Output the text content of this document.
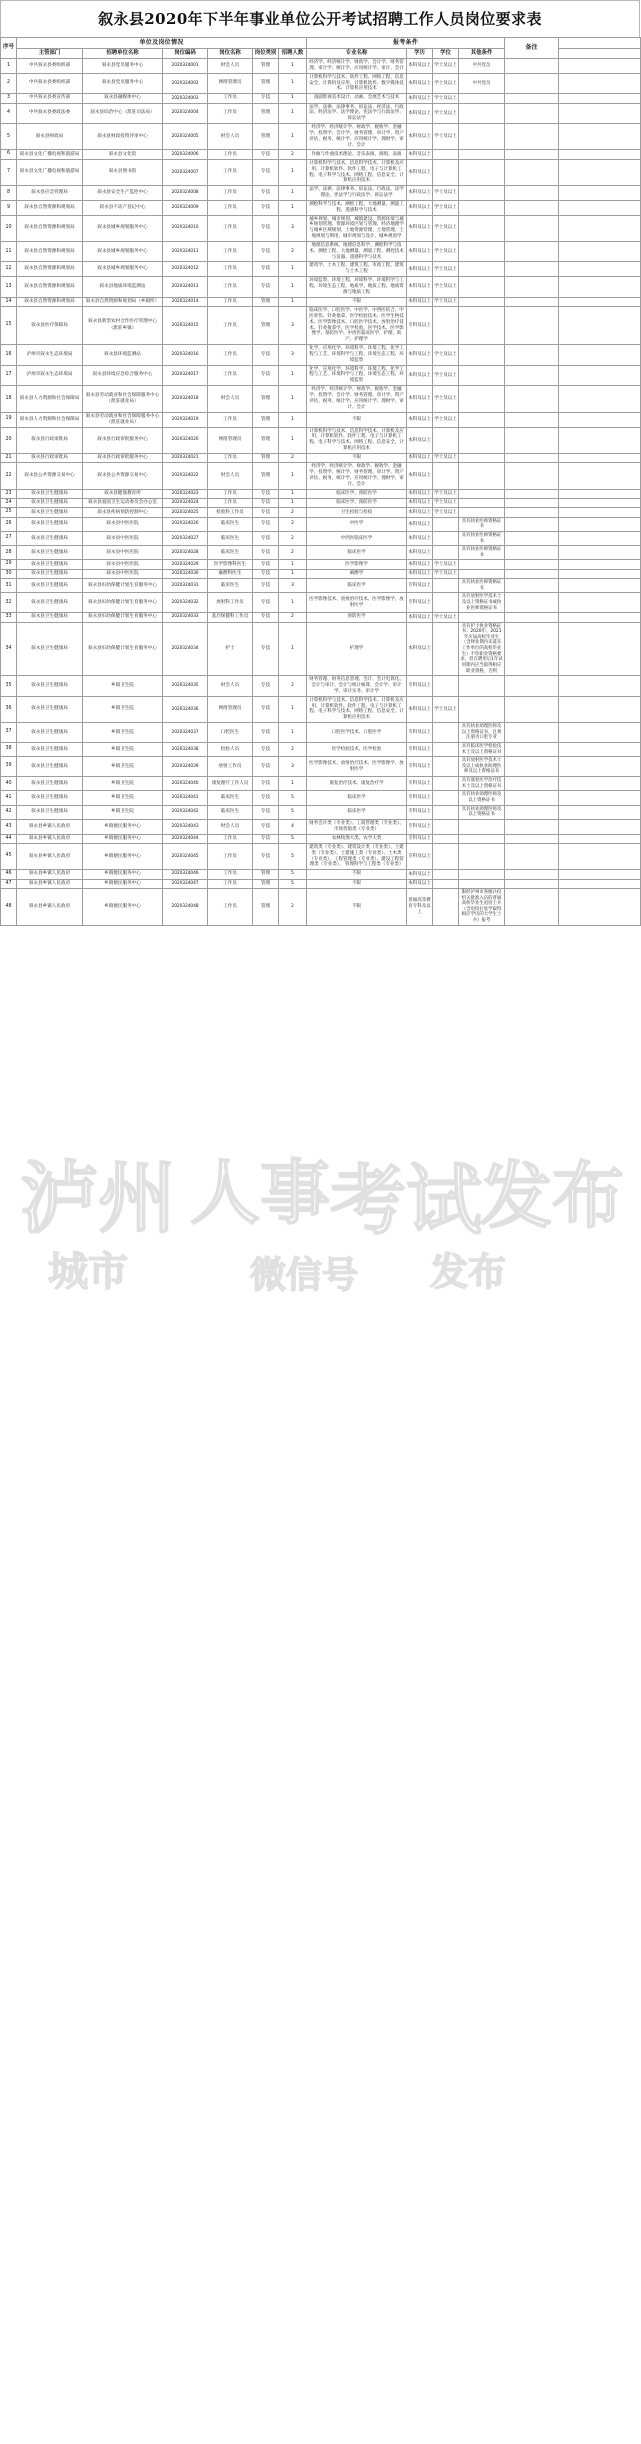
泸州 人事 考试
发布
城市	微信号 发布
叙永县2020年下半年事业单位公开考试招聘工作人员岗位要求表
序号	单位及岗位情况						报考条件				备注	
	主管部门	招聘单位名称	岗位编码	岗位名称	岗位类别	招聘人数	专业名称	学历	学位	其他条件		
1	中共叙永县委组织部	叙永县党员服务中心	2020324001	财会人员	管理	1	经济学、经济统计学、财政学、会计学、财务管理、审计学、统计学、应用统计学、审计、会计	本科及以上	学士及以上	中共党员		
2	中共叙永县委组织部	叙永县党员服务中心	2020324002	网络管理员	管理	1	计算机科学与技术、软件工程、网络工程、信息安全、计算机及应用、计算机软件、数字媒体技术、计算机应用技术	本科及以上	学士及以上	中共党员		
3	中共叙永县委宣传部	叙永县融媒体中心	2020324003	工作员	专技	1	戏剧影视美术设计、动画、会展艺术与技术	本科及以上	学士及以上			
4	中共叙永县委政法委	叙永县综治中心（派驻司法局）	2020324004	工作员	管理	1	法学、法律、法律事务、诉讼法、经济法、行政法、经济法学、法学理论、宪法学与行政法学、诉讼法学	本科及以上	学士及以上			
5	叙永县财政局	叙永县财政投资评审中心	2020324005	财会人员	管理	1	经济学、经济统计学、财政学、税收学、金融学、投资学、会计学、财务管理、审计学、资产评估、税务、统计学、应用统计学、理财学、审计、会计	本科及以上	学士及以上			
6	叙永县文化广播电视和旅游局	叙永县文化馆	2020324006	工作员	专技	2	作曲与作曲技术理论、音乐表演、演唱、表演	本科及以上				
7	叙永县文化广播电视和旅游局	叙永县图书馆	2020324007	工作员	专技	1	计算机科学与技术、信息科学技术、计算机及应用、计算机软件、软件工程、电子与计算机工程、电子科学与技术、网络工程、信息安全、计算机应用技术	本科及以上				
8	叙永县应急管理局	叙永县安全生产监控中心	2020324008	工作员	专技	1	法学、法律、法律事务、诉讼法、行政法、法学理论、宪法学与行政法学、诉讼法学	本科及以上	学士及以上			
9	叙永县自然资源和规划局	叙永县不动产登记中心	2020324009	工作员	专技	1	测绘科学与技术、测绘工程、大地测量、测量工程、遥感科学与技术	本科及以上	学士及以上			
10	叙永县自然资源和规划局	叙永县城乡规划服务中心	2020324010	工作员	专技	3	城乡规划、城市规划、城镇建设、资源环境与城乡规划管理、资源环境区划与管理、经济地理学与城乡区域规划、土地资源管理、土地管理、土地规划与利用、城市规划与设计、城乡规划学	本科及以上	学士及以上			
11	叙永县自然资源和规划局	叙永县城乡规划服务中心	2020324011	工作员	专技	2	地理信息系统、地理信息科学、测绘科学与技术、测绘工程、大地测量、测量工程、测控技术与仪器、遥感科学与技术	本科及以上	学士及以上			
12	叙永县自然资源和规划局	叙永县城乡规划服务中心	2020324012	工作员	专技	1	建筑学、土木工程、建筑工程、市政工程、建筑与土木工程	本科及以上	学士及以上			
13	叙永县自然资源和规划局	叙永县地质环境监测站	2020324013	工作员	专技	1	环境监察、环境工程、环境科学、环境科学与工程、环境生态工程、地质学、地质工程、地质资源与地质工程	本科及以上	学士及以上			
14	叙永县自然资源和规划局	叙永县自然资源和规划局（乡镇所）	2020324014	工作员	管理	1	不限	本科及以上	学士及以上			
15	叙永县医疗保障局	叙永县新型农村合作医疗管理中心（派驻乡镇）	2020324015	工作员	管理	3	临床医学、口腔医学、中医学、中西医结合、中医骨伤、针灸推拿、医学检验技术、医学生物技术、医学影像技术、口腔医学技术、放射治疗技术、针灸推拿学、医学检验、医学技术、医学影像学、预防医学、中西医临床医学、护理、助产、护理学	专科及以上				
16	泸州市叙永生态环境局	叙永县环境监测站	2020324016	工作员	专技	3	化学、应用化学、环境科学、环境工程、化学工程与工艺、环境科学与工程、环境生态工程、环境监察	本科及以上	学士及以上			
17	泸州市叙永生态环境局	叙永县环境应急综合服务中心	2020324017	工作员	专技	1	化学、应用化学、环境科学、环境工程、化学工程与工艺、环境科学与工程、环境生态工程、环境监察	本科及以上	学士及以上			
18	叙永县人力资源和社会保障局	叙永县劳动就业和社会保障服务中心（派驻就业局）	2020324018	财会人员	管理	1	经济学、经济统计学、财政学、税收学、金融学、投资学、会计学、财务管理、审计学、资产评估、税务、统计学、应用统计学、理财学、审计、会计	本科及以上	学士及以上			
19	叙永县人力资源和社会保障局	叙永县劳动就业和社会保障服务中心（派驻就业局）	2020324019	工作员	管理	1	不限	本科及以上	学士及以上			
20	叙永县行政审批局	叙永县行政审批服务中心	2020324020	网络管理员	管理	1	计算机科学与技术、信息科学技术、计算机及应用、计算机软件、软件工程、电子与计算机工程、电子科学与技术、网络工程、信息安全、计算机应用技术	本科及以上				
21	叙永县行政审批局	叙永县行政审批服务中心	2020324021	工作员	管理	2	不限	本科及以上	学士及以上			
22	叙永县公共资源交易中心	叙永县公共资源交易中心	2020324022	财会人员	管理	1	经济学、经济统计学、财政学、税收学、金融学、投资学、统计学、财务管理、审计学、资产评估、税务、统计学、应用统计学、理财学、审计、会计	本科及以上				
23	叙永县卫生健康局	叙永县健康教育所	2020324023	工作员	专技	1	临床医学、预防医学	本科及以上	学士及以上			
24	叙永县卫生健康局	叙永县爱国卫生运动委员会办公室	2020324024	工作员	专技	1	临床医学、预防医学	本科及以上	学士及以上			
25	叙永县卫生健康局	叙永县疾病预防控制中心	2020324025	检验科工作员	专技	2	卫生检验与检疫	本科及以上	学士及以上			
26	叙永县卫生健康局	叙永县中医医院	2020324026	临床医生	专技	2	中医学	本科及以上		具有执业医师资格证书		
27	叙永县卫生健康局	叙永县中医医院	2020324027	临床医生	专技	2	中西医临床医学	本科及以上		具有执业医师资格证书		
28	叙永县卫生健康局	叙永县中医医院	2020324028	临床医生	专技	2	临床医学	本科及以上		具有执业医师资格证书		
29	叙永县卫生健康局	叙永县中医医院	2020324029	医学影像科医生	专技	1	医学影像学	本科及以上	学士及以上			
30	叙永县卫生健康局	叙永县中医医院	2020324030	麻醉科医生	专技	1	麻醉学	本科及以上	学士及以上			
31	叙永县卫生健康局	叙永县妇幼保健计划生育服务中心	2020324031	临床医生	专技	3	临床医学	专科及以上		具有执业医师资格证书		
32	叙永县卫生健康局	叙永县妇幼保健计划生育服务中心	2020324032	放射科工作员	专技	1	医学影像技术、放射治疗技术、医学影像学、放射医学	专科及以上		具有放射医学技术士及以上资格证书或执业医师资格证书		
33	叙永县卫生健康局	叙永县妇幼保健计划生育服务中心	2020324033	基层保健科工作员	专技	2	预防医学	本科及以上	学士及以上			
34	叙永县卫生健康局	叙永县妇幼保健计划生育服务中心	2020324034	护士	专技	1	护理学	本科及以上		具有护士执业资格证书；2020年、2021年应届高校毕业生（含择业期内未落实工作单位的高校毕业生）不作职业资格要求，但在聘用后1年试用期内应当取得相应职业资格，否则		
35	叙永县卫生健康局	乡镇卫生院	2020324035	财会人员	专技	2	财务管理、财务信息管理、会计、会计电算化、会计与审计、会计与统计核算、会计学、审计学、审计实务、审计学	专科及以上				
36	叙永县卫生健康局	乡镇卫生院	2020324036	网络管理员	专技	1	计算机科学与技术、信息科学技术、计算机及应用、计算机软件、软件工程、电子与计算机工程、电子科学与技术、网络工程、信息安全、计算机应用技术	本科及以上	学士及以上			
37	叙永县卫生健康局	乡镇卫生院	2020324037	口腔医生	专技	1	口腔医学技术、口腔医学	专科及以上		具有执业助理医师及以上资格证书，且须注册为口腔专业		
38	叙永县卫生健康局	乡镇卫生院	2020324038	检验人员	专技	2	医学检验技术、医学检验	专科及以上		具有临床医学检验技术士及以上资格证书		
39	叙永县卫生健康局	乡镇卫生院	2020324039	放射工作员	专技	3	医学影像技术、放射治疗技术、医学影像学、放射医学	专科及以上		具有放射医学技术士及以上或执业助理医师及以上资格证书		
40	叙永县卫生健康局	乡镇卫生院	2020324040	康复理疗工作人员	专技	1	康复治疗技术、康复治疗学	专科及以上		具有康复医学治疗技术士及以上资格证书		
41	叙永县卫生健康局	乡镇卫生院	2020324041	临床医生	专技	5	临床医学	专科及以上		具有执业助理医师及以上资格证书		
42	叙永县卫生健康局	乡镇卫生院	2020324042	临床医生	专技	5	临床医学	专科及以上		具有执业助理医师及以上资格证书		
43	叙永县乡镇人民政府	乡镇便民服务中心	2020324043	财会人员	专技	4	财务会计类（专业类）、工商管理类（专业类）、市场营销类（专业类）	专科及以上				
44	叙永县乡镇人民政府	乡镇便民服务中心	2020324044	工作员	专技	5	农林牧渔大类、农学大类	专科及以上				
45	叙永县乡镇人民政府	乡镇便民服务中心	2020324045	工作员	专技	5	建筑类（专业类）、建筑设计类（专业类）、土建类（专业类）、土建施工类（专业类）、土木类（专业类）、工程管理类（专业类）、建设工程管理类（专业类）、 管理科学与工程类（专业类）	专科及以上				
46	叙永县乡镇人民政府	乡镇便民服务中心	2020324046	工作员	管理	5	不限	本科及以上				
47	叙永县乡镇人民政府	乡镇便民服务中心	2020324047	工作员	管理	5	不限	本科及以上				
48	叙永县乡镇人民政府	乡镇便民服务中心	2020324048	工作员	管理	2	不限	普通高等教育专科及以上		限经泸州市各级兵役机关批准入伍的普通高校毕业生退役士兵（含退役后复学取得相应学历的大学生士兵）报考		
